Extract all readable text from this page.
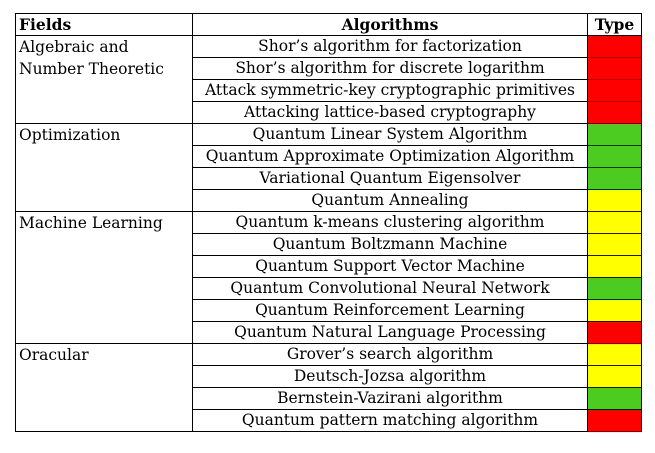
Fields	Algorithms	Type
Algebraic and Number Theoretic	Shor’s algorithm for factorization	
	Shor’s algorithm for discrete logarithm	
	Attack symmetric-key cryptographic primitives	
	Attacking lattice-based cryptography	
Optimization	Quantum Linear System Algorithm	
	Quantum Approximate Optimization Algorithm	
	Variational Quantum Eigensolver	
	Quantum Annealing	
Machine Learning	Quantum k-means clustering algorithm	
	Quantum Boltzmann Machine	
	Quantum Support Vector Machine	
	Quantum Convolutional Neural Network	
	Quantum Reinforcement Learning	
	Quantum Natural Language Processing	
Oracular	Grover’s search algorithm	
	Deutsch-Jozsa algorithm	
	Bernstein-Vazirani algorithm	
	Quantum pattern matching algorithm	
